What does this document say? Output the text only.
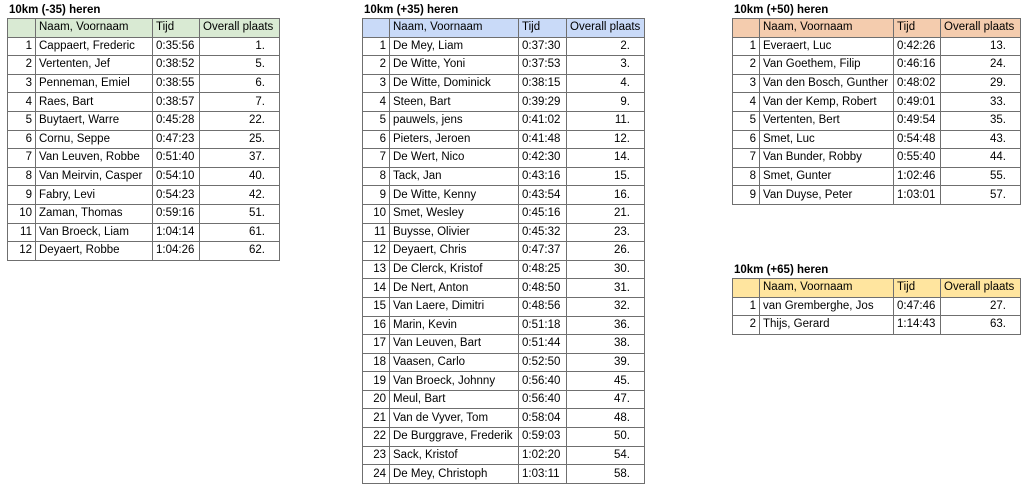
10km (-35) heren
	Naam, Voornaam	Tijd	Overall plaats
1	Cappaert, Frederic	0:35:56	1.
2	Vertenten, Jef	0:38:52	5.
3	Penneman, Emiel	0:38:55	6.
4	Raes, Bart	0:38:57	7.
5	Buytaert, Warre	0:45:28	22.
6	Cornu, Seppe	0:47:23	25.
7	Van Leuven, Robbe	0:51:40	37.
8	Van Meirvin, Casper	0:54:10	40.
9	Fabry, Levi	0:54:23	42.
10	Zaman, Thomas	0:59:16	51.
11	Van Broeck, Liam	1:04:14	61.
12	Deyaert, Robbe	1:04:26	62.
10km (+35) heren
	Naam, Voornaam	Tijd	Overall plaats
1	De Mey, Liam	0:37:30	2.
2	De Witte, Yoni	0:37:53	3.
3	De Witte, Dominick	0:38:15	4.
4	Steen, Bart	0:39:29	9.
5	pauwels, jens	0:41:02	11.
6	Pieters, Jeroen	0:41:48	12.
7	De Wert, Nico	0:42:30	14.
8	Tack, Jan	0:43:16	15.
9	De Witte, Kenny	0:43:54	16.
10	Smet, Wesley	0:45:16	21.
11	Buysse, Olivier	0:45:32	23.
12	Deyaert, Chris	0:47:37	26.
13	De Clerck, Kristof	0:48:25	30.
14	De Nert, Anton	0:48:50	31.
15	Van Laere, Dimitri	0:48:56	32.
16	Marin, Kevin	0:51:18	36.
17	Van Leuven, Bart	0:51:44	38.
18	Vaasen, Carlo	0:52:50	39.
19	Van Broeck, Johnny	0:56:40	45.
20	Meul, Bart	0:56:40	47.
21	Van de Vyver, Tom	0:58:04	48.
22	De Burggrave, Frederik	0:59:03	50.
23	Sack, Kristof	1:02:20	54.
24	De Mey, Christoph	1:03:11	58.
10km (+50) heren
	Naam, Voornaam	Tijd	Overall plaats
1	Everaert, Luc	0:42:26	13.
2	Van Goethem, Filip	0:46:16	24.
3	Van den Bosch, Gunther	0:48:02	29.
4	Van der Kemp, Robert	0:49:01	33.
5	Vertenten, Bert	0:49:54	35.
6	Smet, Luc	0:54:48	43.
7	Van Bunder, Robby	0:55:40	44.
8	Smet, Gunter	1:02:46	55.
9	Van Duyse, Peter	1:03:01	57.
10km (+65) heren
	Naam, Voornaam	Tijd	Overall plaats
1	van Gremberghe, Jos	0:47:46	27.
2	Thijs, Gerard	1:14:43	63.
